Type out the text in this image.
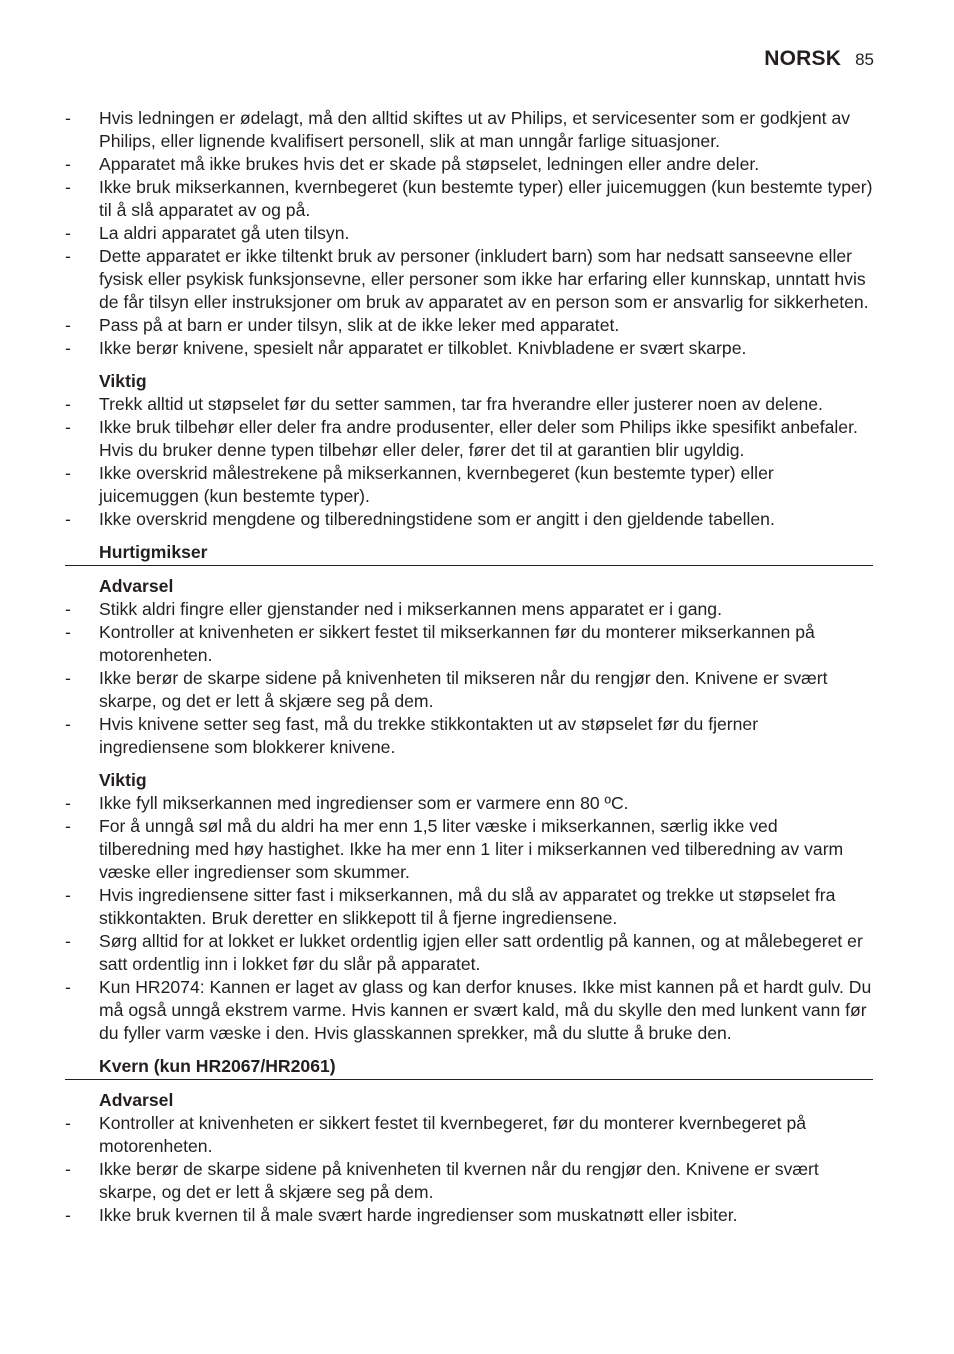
NORSK 85
- Hvis ledningen er ødelagt, må den alltid skiftes ut av Philips, et servicesenter som er godkjent av Philips, eller lignende kvalifisert personell, slik at man unngår farlige situasjoner.
- Apparatet må ikke brukes hvis det er skade på støpselet, ledningen eller andre deler.
- Ikke bruk mikserkannen, kvernbegeret (kun bestemte typer) eller juicemuggen (kun bestemte typer) til å slå apparatet av og på.
- La aldri apparatet gå uten tilsyn.
- Dette apparatet er ikke tiltenkt bruk av personer (inkludert barn) som har nedsatt sanseevne eller fysisk eller psykisk funksjonsevne, eller personer som ikke har erfaring eller kunnskap, unntatt hvis de får tilsyn eller instruksjoner om bruk av apparatet av en person som er ansvarlig for sikkerheten.
- Pass på at barn er under tilsyn, slik at de ikke leker med apparatet.
- Ikke berør knivene, spesielt når apparatet er tilkoblet. Knivbladene er svært skarpe.
Viktig
- Trekk alltid ut støpselet før du setter sammen, tar fra hverandre eller justerer noen av delene.
- Ikke bruk tilbehør eller deler fra andre produsenter, eller deler som Philips ikke spesifikt anbefaler. Hvis du bruker denne typen tilbehør eller deler, fører det til at garantien blir ugyldig.
- Ikke overskrid målestrekene på mikserkannen, kvernbegeret (kun bestemte typer) eller juicemuggen (kun bestemte typer).
- Ikke overskrid mengdene og tilberedningstidene som er angitt i den gjeldende tabellen.
Hurtigmikser
Advarsel
- Stikk aldri fingre eller gjenstander ned i mikserkannen mens apparatet er i gang.
- Kontroller at knivenheten er sikkert festet til mikserkannen før du monterer mikserkannen på motorenheten.
- Ikke berør de skarpe sidene på knivenheten til mikseren når du rengjør den. Knivene er svært skarpe, og det er lett å skjære seg på dem.
- Hvis knivene setter seg fast, må du trekke stikkontakten ut av støpselet før du fjerner ingrediensene som blokkerer knivene.
Viktig
- Ikke fyll mikserkannen med ingredienser som er varmere enn 80 ºC.
- For å unngå søl må du aldri ha mer enn 1,5 liter væske i mikserkannen, særlig ikke ved tilberedning med høy hastighet. Ikke ha mer enn 1 liter i mikserkannen ved tilberedning av varm væske eller ingredienser som skummer.
- Hvis ingrediensene sitter fast i mikserkannen, må du slå av apparatet og trekke ut støpselet fra stikkontakten. Bruk deretter en slikkepott til å fjerne ingrediensene.
- Sørg alltid for at lokket er lukket ordentlig igjen eller satt ordentlig på kannen, og at målebegeret er satt ordentlig inn i lokket før du slår på apparatet.
- Kun HR2074: Kannen er laget av glass og kan derfor knuses. Ikke mist kannen på et hardt gulv. Du må også unngå ekstrem varme. Hvis kannen er svært kald, må du skylle den med lunkent vann før du fyller varm væske i den. Hvis glasskannen sprekker, må du slutte å bruke den.
Kvern (kun HR2067/HR2061)
Advarsel
- Kontroller at knivenheten er sikkert festet til kvernbegeret, før du monterer kvernbegeret på motorenheten.
- Ikke berør de skarpe sidene på knivenheten til kvernen når du rengjør den. Knivene er svært skarpe, og det er lett å skjære seg på dem.
- Ikke bruk kvernen til å male svært harde ingredienser som muskatnøtt eller isbiter.
